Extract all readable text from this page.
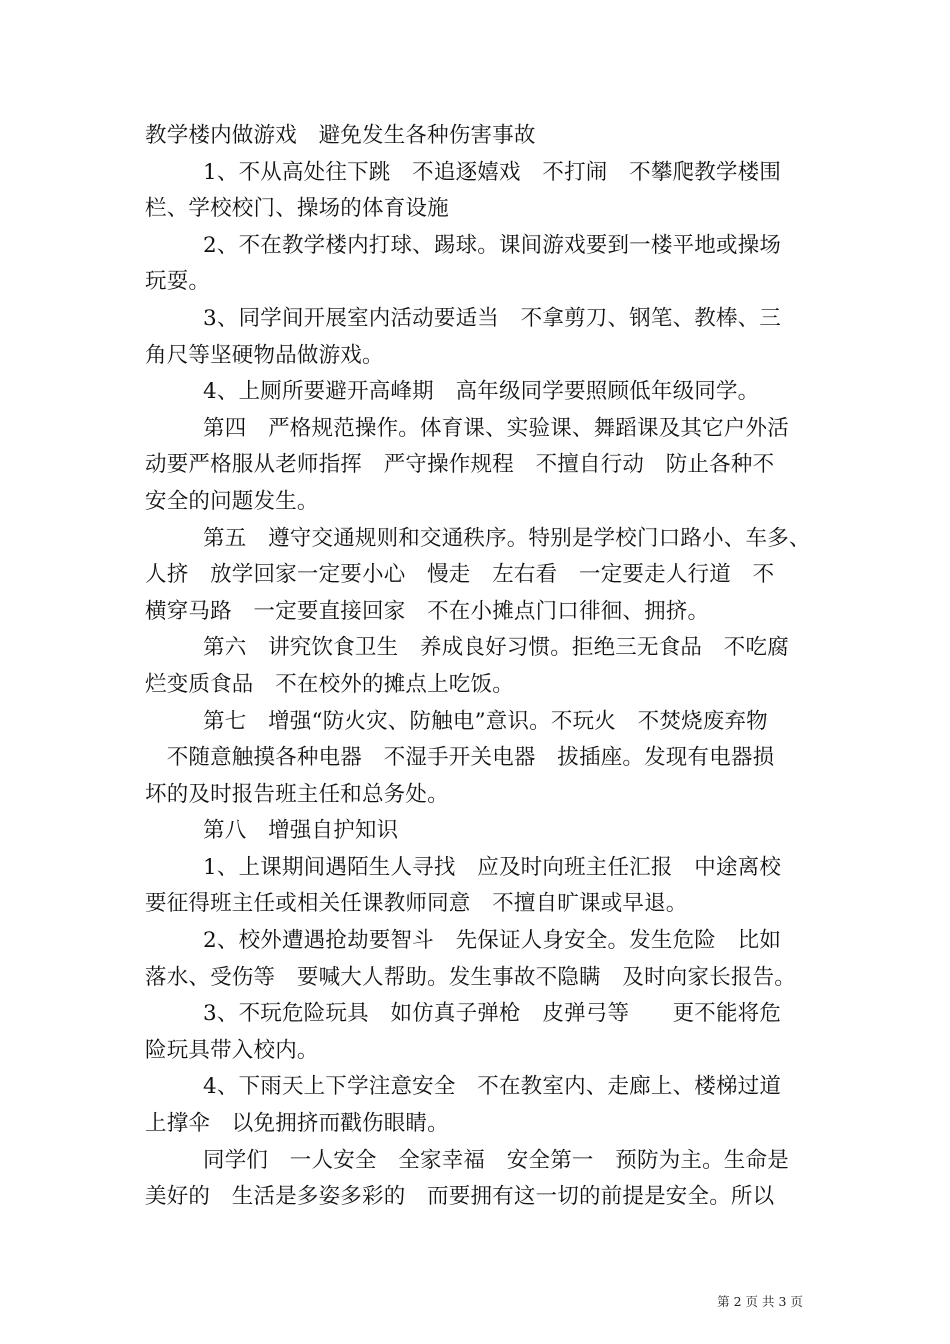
教学楼内做游戏　避免发生各种伤害事故
1、不从高处往下跳　不追逐嬉戏　不打闹　不攀爬教学楼围
栏、学校校门、操场的体育设施
2、不在教学楼内打球、踢球。课间游戏要到一楼平地或操场
玩耍。
3、同学间开展室内活动要适当　不拿剪刀、钢笔、教棒、三
角尺等坚硬物品做游戏。
4、上厕所要避开高峰期　高年级同学要照顾低年级同学。
第四　严格规范操作。体育课、实验课、舞蹈课及其它户外活
动要严格服从老师指挥　严守操作规程　不擅自行动　防止各种不
安全的问题发生。
第五　遵守交通规则和交通秩序。特别是学校门口路小、车多、
人挤　放学回家一定要小心　慢走　左右看　一定要走人行道　不
横穿马路　一定要直接回家　不在小摊点门口徘徊、拥挤。
第六　讲究饮食卫生　养成良好习惯。拒绝三无食品　不吃腐
烂变质食品　不在校外的摊点上吃饭。
第七　增强“防火灾、防触电”意识。不玩火　不焚烧废弃物
　不随意触摸各种电器　不湿手开关电器　拔插座。发现有电器损
坏的及时报告班主任和总务处。
第八　增强自护知识
1、上课期间遇陌生人寻找　应及时向班主任汇报　中途离校
要征得班主任或相关任课教师同意　不擅自旷课或早退。
2、校外遭遇抢劫要智斗　先保证人身安全。发生危险　比如
落水、受伤等　要喊大人帮助。发生事故不隐瞒　及时向家长报告。
3、不玩危险玩具　如仿真子弹枪　皮弹弓等　　更不能将危
险玩具带入校内。
4、下雨天上下学注意安全　不在教室内、走廊上、楼梯过道
上撑伞　以免拥挤而戳伤眼睛。
同学们　一人安全　全家幸福　安全第一　预防为主。生命是
美好的　生活是多姿多彩的　而要拥有这一切的前提是安全。所以
第 2 页 共 3 页
